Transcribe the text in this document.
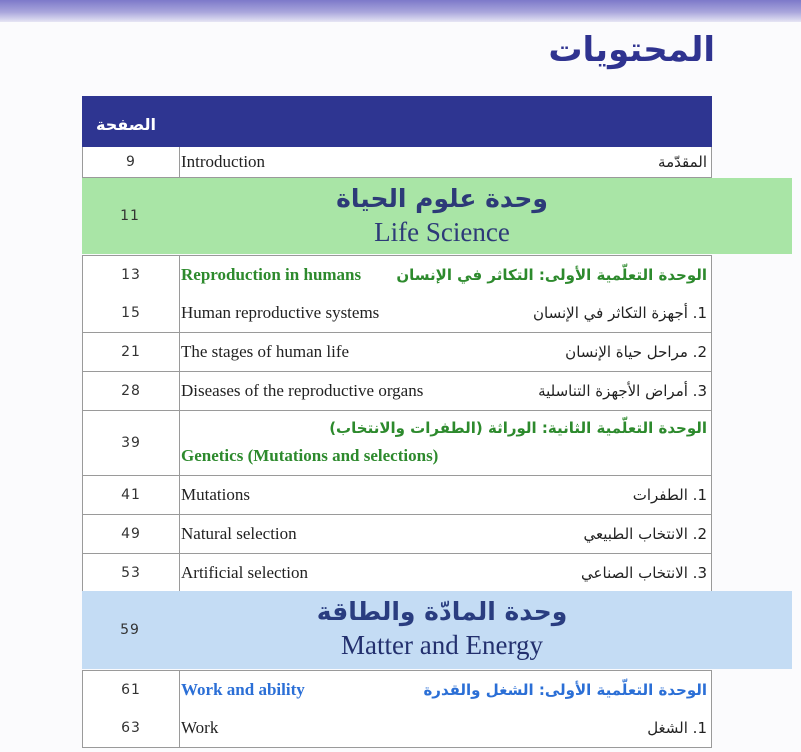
المحتويات
الصفحة
9	Introduction	المقدّمة
11
وحدة علوم الحياة
Life Science
13	Reproduction in humans الوحدة التعلّمية الأولى: التكاثر في الإنسان
15	Human reproductive systems	1. أجهزة التكاثر في الإنسان
21	The stages of human life	2. مراحل حياة الإنسان
28	Diseases of the reproductive organs	3. أمراض الأجهزة التناسلية
39
Genetics (Mutations and selections)
الوحدة التعلّمية الثانية: الوراثة (الطفرات والانتخاب)
41	Mutations	1. الطفرات
49	Natural selection	2. الانتخاب الطبيعي
53	Artificial selection	3. الانتخاب الصناعي
59
وحدة المادّة والطاقة
Matter and Energy
61	Work and ability	الوحدة التعلّمية الأولى: الشغل والقدرة
63	Work	1. الشغل
